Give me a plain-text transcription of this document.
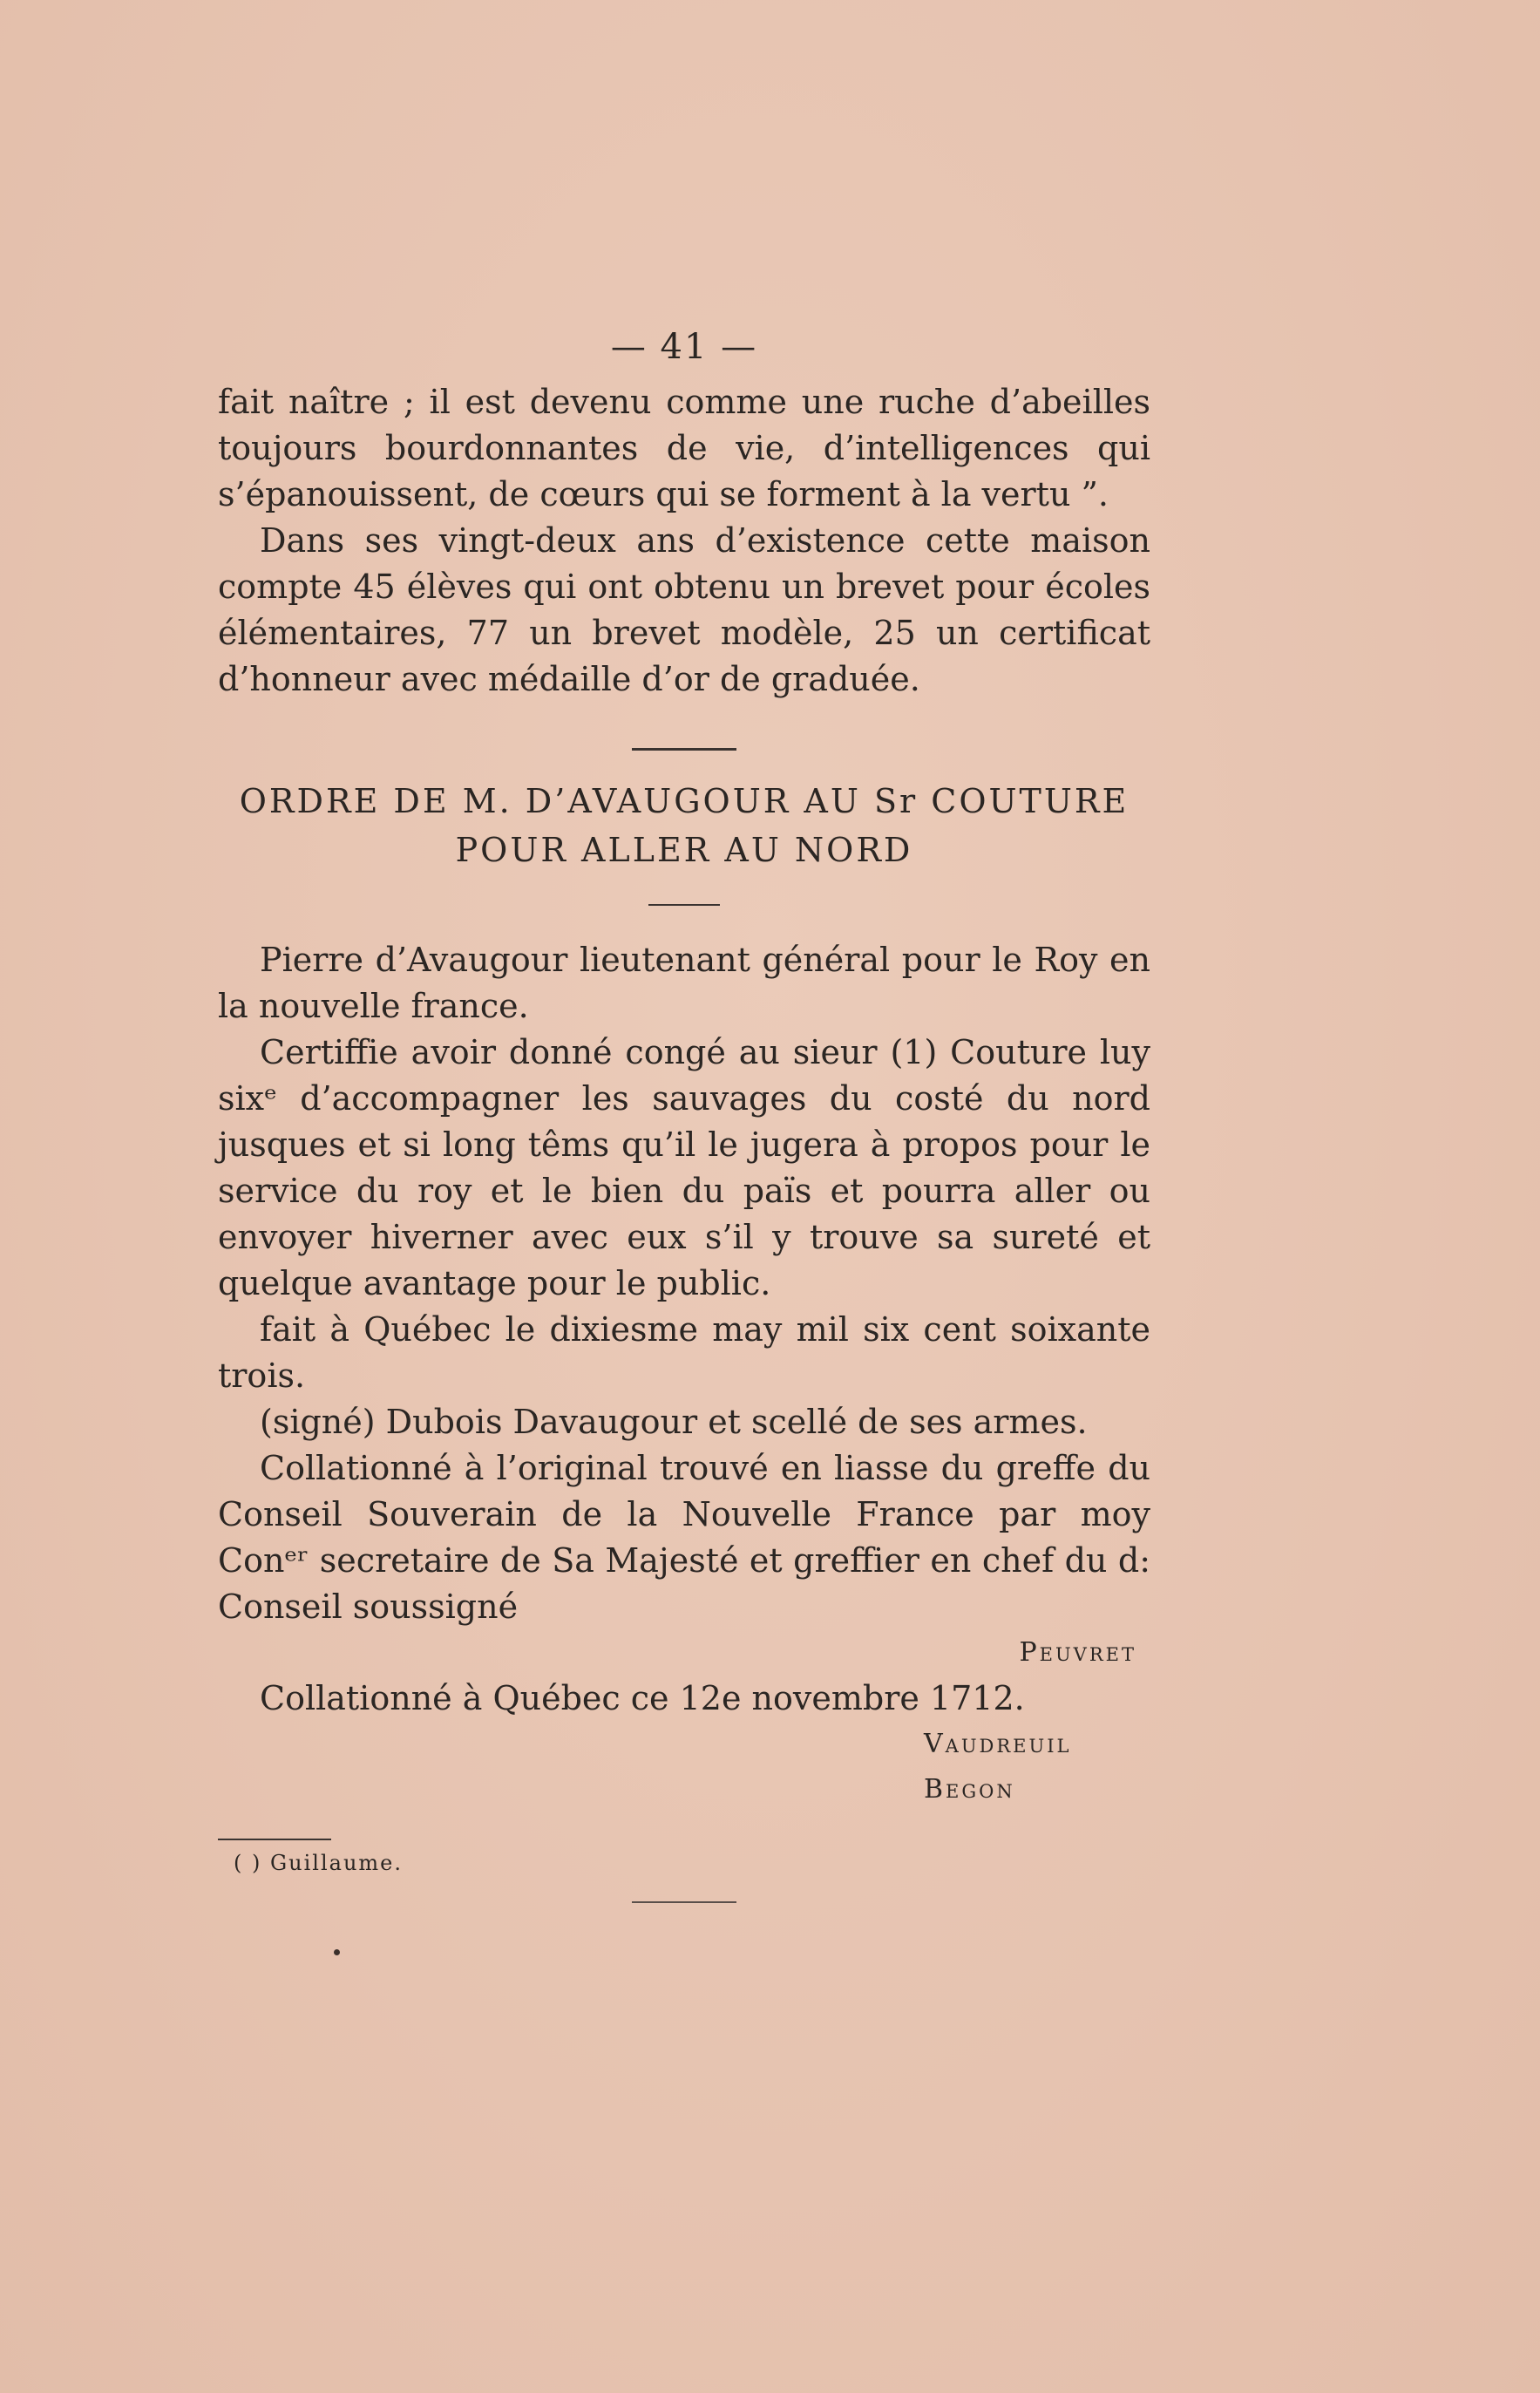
— 41 —

fait naître ; il est devenu comme une ruche d’abeilles toujours bourdonnantes de vie, d’intelligences qui s’épanouissent, de cœurs qui se forment à la vertu ”.

Dans ses vingt-deux ans d’existence cette maison compte 45 élèves qui ont obtenu un brevet pour écoles élémentaires, 77 un brevet modèle, 25 un certificat d’honneur avec médaille d’or de graduée.

ORDRE DE M. D’AVAUGOUR AU Sr COUTURE

POUR ALLER AU NORD

Pierre d’Avaugour lieutenant général pour le Roy en la nouvelle france.

Certiffie avoir donné congé au sieur (1) Couture luy sixᵉ d’accompagner les sauvages du costé du nord jusques et si long têms qu’il le jugera à propos pour le service du roy et le bien du païs et pourra aller ou envoyer hiverner avec eux s’il y trouve sa sureté et quelque avantage pour le public.

fait à Québec le dixiesme may mil six cent soixante trois.

(signé) Dubois Davaugour et scellé de ses armes.

Collationné à l’original trouvé en liasse du greffe du Conseil Souverain de la Nouvelle France par moy Conᵉʳ secretaire de Sa Majesté et greffier en chef du d: Conseil soussigné

Peuvret

Collationné à Québec ce 12e novembre 1712.

Vaudreuil
Begon

( ) Guillaume.
